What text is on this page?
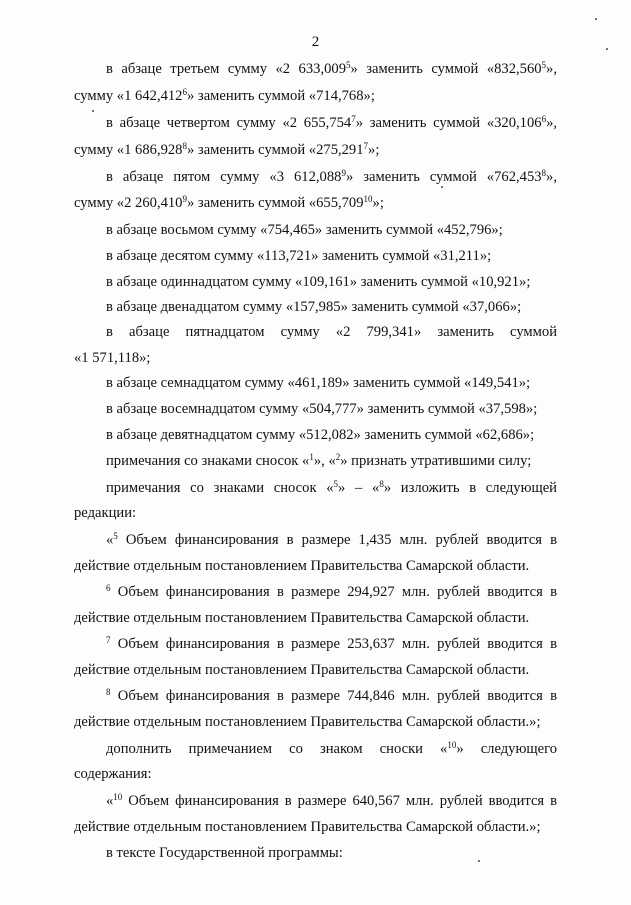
2
в абзаце третьем сумму «2 633,009$^5$» заменить суммой «832,560$^5$»,
сумму «1 642,412$^6$» заменить суммой «714,768»;
в абзаце четвертом сумму «2 655,754$^7$» заменить суммой «320,106$^6$»,
сумму «1 686,928$^8$» заменить суммой «275,291$^7$»;
в абзаце пятом сумму «3 612,088$^9$» заменить суммой «762,453$^8$»,
сумму «2 260,410$^9$» заменить суммой «655,709$^{10}$»;
в абзаце восьмом сумму «754,465» заменить суммой «452,796»;
в абзаце десятом сумму «113,721» заменить суммой «31,211»;
в абзаце одиннадцатом сумму «109,161» заменить суммой «10,921»;
в абзаце двенадцатом сумму «157,985» заменить суммой «37,066»;
в абзаце пятнадцатом сумму «2 799,341» заменить суммой
«1 571,118»;
в абзаце семнадцатом сумму «461,189» заменить суммой «149,541»;
в абзаце восемнадцатом сумму «504,777» заменить суммой «37,598»;
в абзаце девятнадцатом сумму «512,082» заменить суммой «62,686»;
примечания со знаками сносок «$^1$», «$^2$» признать утратившими силу;
примечания со знаками сносок «$^5$» – «$^8$» изложить в следующей
редакции:
«$^5$ Объем финансирования в размере 1,435 млн. рублей вводится в
действие отдельным постановлением Правительства Самарской области.
$^6$ Объем финансирования в размере 294,927 млн. рублей вводится в
действие отдельным постановлением Правительства Самарской области.
$^7$ Объем финансирования в размере 253,637 млн. рублей вводится в
действие отдельным постановлением Правительства Самарской области.
$^8$ Объем финансирования в размере 744,846 млн. рублей вводится в
действие отдельным постановлением Правительства Самарской области.»;
дополнить примечанием со знаком сноски «$^{10}$» следующего
содержания:
«$^{10}$ Объем финансирования в размере 640,567 млн. рублей вводится в
действие отдельным постановлением Правительства Самарской области.»;
в тексте Государственной программы:
